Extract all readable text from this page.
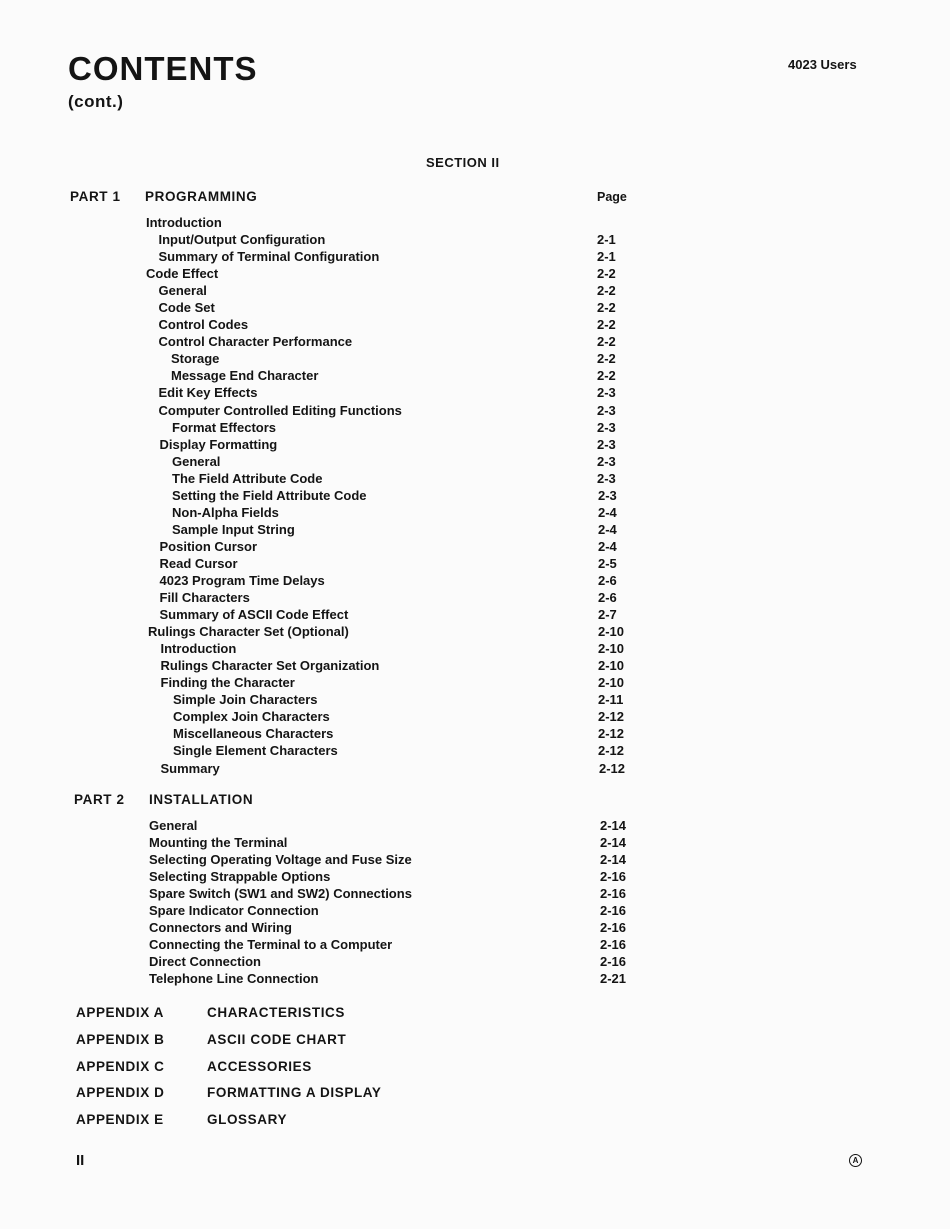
CONTENTS
(cont.)
4023 Users
SECTION II
PART 1 PROGRAMMING	Page
Introduction
Input/Output Configuration	2-1
Summary of Terminal Configuration	2-1
Code Effect	2-2
General	2-2
Code Set	2-2
Control Codes	2-2
Control Character Performance	2-2
Storage	2-2
Message End Character	2-2
Edit Key Effects	2-3
Computer Controlled Editing Functions	2-3
Format Effectors	2-3
Display Formatting	2-3
General	2-3
The Field Attribute Code	2-3
Setting the Field Attribute Code	2-3
Non-Alpha Fields	2-4
Sample Input String	2-4
Position Cursor	2-4
Read Cursor	2-5
4023 Program Time Delays	2-6
Fill Characters	2-6
Summary of ASCII Code Effect	2-7
Rulings Character Set (Optional)	2-10
Introduction	2-10
Rulings Character Set Organization	2-10
Finding the Character	2-10
Simple Join Characters	2-11
Complex Join Characters	2-12
Miscellaneous Characters	2-12
Single Element Characters	2-12
Summary	2-12
PART 2 INSTALLATION
General	2-14
Mounting the Terminal	2-14
Selecting Operating Voltage and Fuse Size	2-14
Selecting Strappable Options	2-16
Spare Switch (SW1 and SW2) Connections	2-16
Spare Indicator Connection	2-16
Connectors and Wiring	2-16
Connecting the Terminal to a Computer	2-16
Direct Connection	2-16
Telephone Line Connection	2-21
APPENDIX A	CHARACTERISTICS
APPENDIX B	ASCII CODE CHART
APPENDIX C	ACCESSORIES
APPENDIX D	FORMATTING A DISPLAY
APPENDIX E	GLOSSARY
II	A
